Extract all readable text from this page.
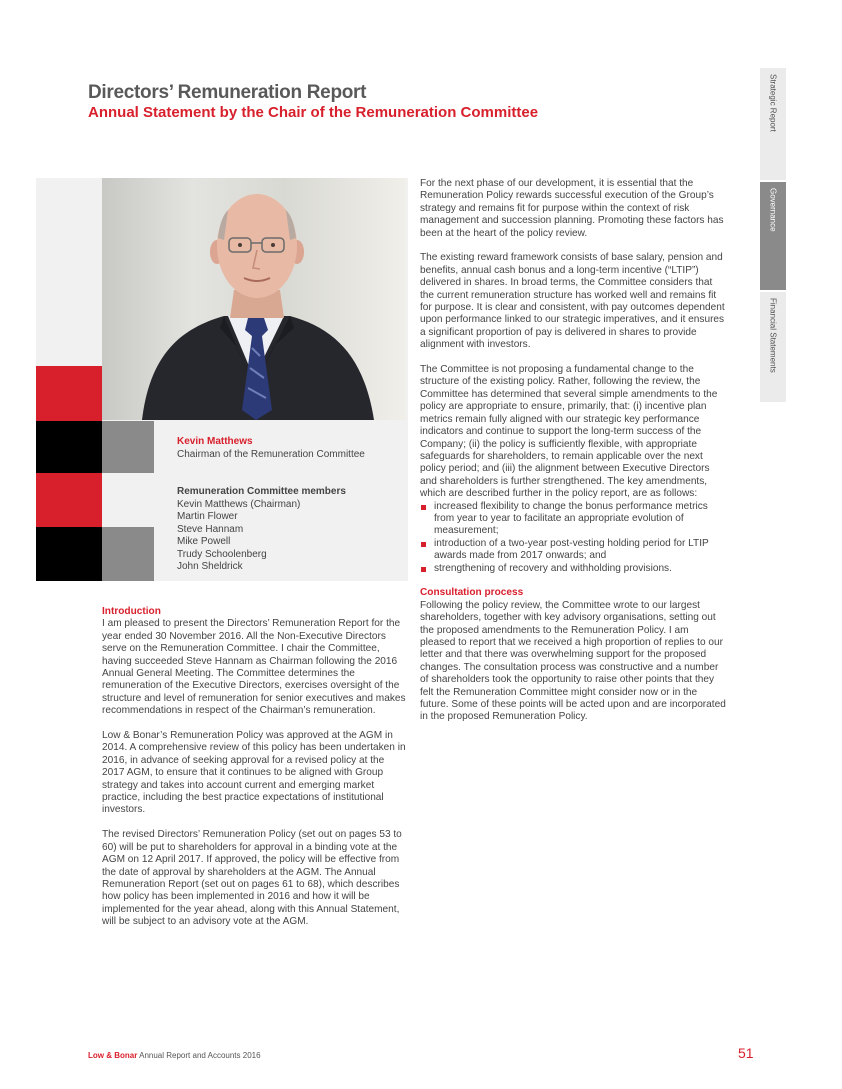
Directors’ Remuneration Report
Annual Statement by the Chair of the Remuneration Committee	Strategic Report
Governance
Financial Statements
Kevin Matthews
Chairman of the Remuneration Committee
Remuneration Committee members
Kevin Matthews (Chairman)
Martin Flower
Steve Hannam
Mike Powell
Trudy Schoolenberg
John Sheldrick
Introduction

I am pleased to present the Directors’ Remuneration Report for the year ended 30 November 2016. All the Non-Executive Directors serve on the Remuneration Committee. I chair the Committee, having succeeded Steve Hannam as Chairman following the 2016 Annual General Meeting. The Committee determines the remuneration of the Executive Directors, exercises oversight of the structure and level of remuneration for senior executives and makes recommendations in respect of the Chairman’s remuneration.

Low & Bonar’s Remuneration Policy was approved at the AGM in 2014. A comprehensive review of this policy has been undertaken in 2016, in advance of seeking approval for a revised policy at the 2017 AGM, to ensure that it continues to be aligned with Group strategy and takes into account current and emerging market practice, including the best practice expectations of institutional investors.

The revised Directors’ Remuneration Policy (set out on pages 53 to 60) will be put to shareholders for approval in a binding vote at the AGM on 12 April 2017. If approved, the policy will be effective from the date of approval by shareholders at the AGM. The Annual Remuneration Report (set out on pages 61 to 68), which describes how policy has been implemented in 2016 and how it will be implemented for the year ahead, along with this Annual Statement, will be subject to an advisory vote at the AGM.

For the next phase of our development, it is essential that the Remuneration Policy rewards successful execution of the Group’s strategy and remains fit for purpose within the context of risk management and succession planning. Promoting these factors has been at the heart of the policy review.

The existing reward framework consists of base salary, pension and benefits, annual cash bonus and a long-term incentive (“LTIP”) delivered in shares. In broad terms, the Committee considers that the current remuneration structure has worked well and remains fit for purpose. It is clear and consistent, with pay outcomes dependent upon performance linked to our strategic imperatives, and it ensures a significant proportion of pay is delivered in shares to provide alignment with investors.

The Committee is not proposing a fundamental change to the structure of the existing policy. Rather, following the review, the Committee has determined that several simple amendments to the policy are appropriate to ensure, primarily, that: (i) incentive plan metrics remain fully aligned with our strategic key performance indicators and continue to support the long-term success of the Company; (ii) the policy is sufficiently flexible, with appropriate safeguards for shareholders, to remain applicable over the next policy period; and (iii) the alignment between Executive Directors and shareholders is further strengthened. The key amendments, which are described further in the policy report, are as follows:

increased flexibility to change the bonus performance metrics from year to year to facilitate an appropriate evolution of measurement;
introduction of a two-year post-vesting holding period for LTIP awards made from 2017 onwards; and
strengthening of recovery and withholding provisions.
Consultation process

Following the policy review, the Committee wrote to our largest shareholders, together with key advisory organisations, setting out the proposed amendments to the Remuneration Policy. I am pleased to report that we received a high proportion of replies to our letter and that there was overwhelming support for the proposed changes. The consultation process was constructive and a number of shareholders took the opportunity to raise other points that they felt the Remuneration Committee might consider now or in the future. Some of these points will be acted upon and are incorporated in the proposed Remuneration Policy.

Low & Bonar Annual Report and Accounts 2016	51
